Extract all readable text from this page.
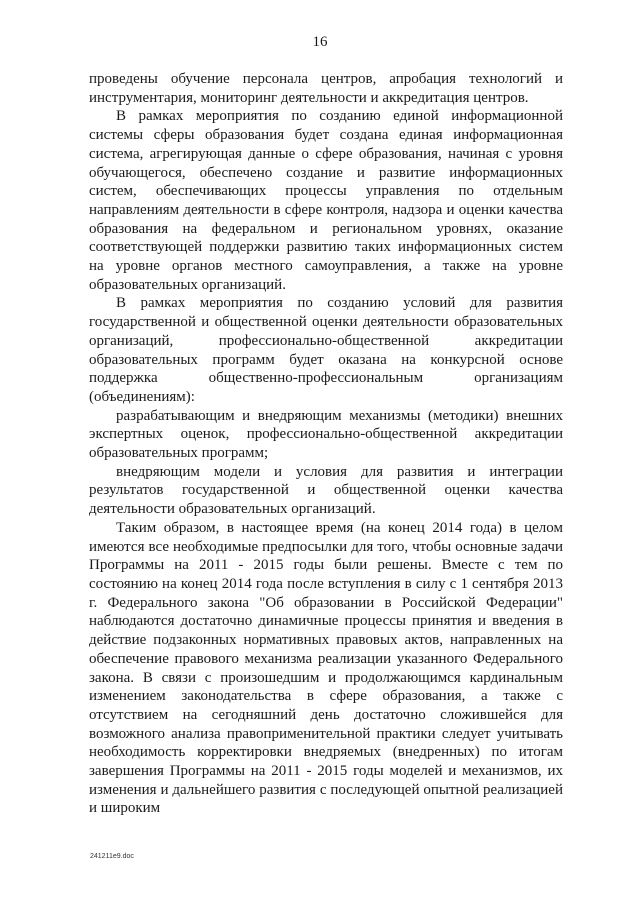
16

проведены обучение персонала центров, апробация технологий и инструментария, мониторинг деятельности и аккредитация центров.

В рамках мероприятия по созданию единой информационной системы сферы образования будет создана единая информационная система, агрегирующая данные о сфере образования, начиная с уровня обучающегося, обеспечено создание и развитие информационных систем, обеспечивающих процессы управления по отдельным направлениям деятельности в сфере контроля, надзора и оценки качества образования на федеральном и региональном уровнях, оказание соответствующей поддержки развитию таких информационных систем на уровне органов местного самоуправления, а также на уровне образовательных организаций.

В рамках мероприятия по созданию условий для развития государственной и общественной оценки деятельности образовательных организаций, профессионально-общественной аккредитации образовательных программ будет оказана на конкурсной основе поддержка общественно-профессиональным организациям (объединениям):

разрабатывающим и внедряющим механизмы (методики) внешних экспертных оценок, профессионально-общественной аккредитации образовательных программ;

внедряющим модели и условия для развития и интеграции результатов государственной и общественной оценки качества деятельности образовательных организаций.

Таким образом, в настоящее время (на конец 2014 года) в целом имеются все необходимые предпосылки для того, чтобы основные задачи Программы на 2011 - 2015 годы были решены. Вместе с тем по состоянию на конец 2014 года после вступления в силу с 1 сентября 2013 г. Федерального закона "Об образовании в Российской Федерации" наблюдаются достаточно динамичные процессы принятия и введения в действие подзаконных нормативных правовых актов, направленных на обеспечение правового механизма реализации указанного Федерального закона. В связи с произошедшим и продолжающимся кардинальным изменением законодательства в сфере образования, а также с отсутствием на сегодняшний день достаточно сложившейся для возможного анализа правоприменительной практики следует учитывать необходимость корректировки внедряемых (внедренных) по итогам завершения Программы на 2011 - 2015 годы моделей и механизмов, их изменения и дальнейшего развития с последующей опытной реализацией и широким

241211e9.doc
